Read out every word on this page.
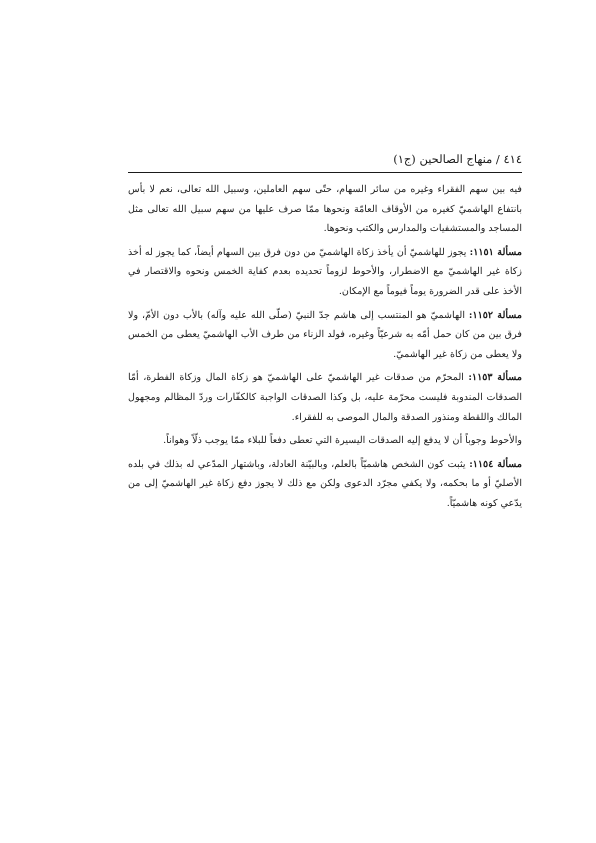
٤١٤ / منهاج الصالحين (ج١)

فيه بين سهم الفقراء وغيره من سائر السهام، حتّى سهم العاملين، وسبيل الله تعالى، نعم لا بأس بانتفاع الهاشميّ كغيره من الأوقاف العامّة ونحوها ممّا صرف عليها من سهم سبيل الله تعالى مثل المساجد والمستشفيات والمدارس والكتب ونحوها.

مسألة ١١٥١: يجوز للهاشميّ أن يأخذ زكاة الهاشميّ من دون فرق بين السهام أيضاً، كما يجوز له أخذ زكاة غير الهاشميّ مع الاضطرار، والأحوط لزوماً تحديده بعدم كفاية الخمس ونحوه والاقتصار في الأخذ على قدر الضرورة يوماً فيوماً مع الإمكان.

مسألة ١١٥٢: الهاشميّ هو المنتسب إلى هاشم جدّ النبيّ (صلّى الله عليه وآله) بالأب دون الأمّ، ولا فرق بين من كان حمل أمّه به شرعيّاً وغيره، فولد الزناء من طرف الأب الهاشميّ يعطى من الخمس ولا يعطى من زكاة غير الهاشميّ.

مسألة ١١٥٣: المحرّم من صدقات غير الهاشميّ على الهاشميّ هو زكاة المال وزكاة الفطرة، أمّا الصدقات المندوبة فليست محرّمة عليه، بل وكذا الصدقات الواجبة كالكفّارات وردّ المظالم ومجهول المالك واللقطة ومنذور الصدقة والمال الموصى به للفقراء.

والأحوط وجوباً أن لا يدفع إليه الصدقات اليسيرة التي تعطى دفعاً للبلاء ممّا يوجب ذلّاً وهواناً.

مسألة ١١٥٤: يثبت كون الشخص هاشميّاً بالعلم، وبالبيّنة العادلة، وباشتهار المدّعي له بذلك في بلده الأصليّ أو ما بحكمه، ولا يكفي مجرّد الدعوى ولكن مع ذلك لا يجوز دفع زكاة غير الهاشميّ إلى من يدّعي كونه هاشميّاً.
